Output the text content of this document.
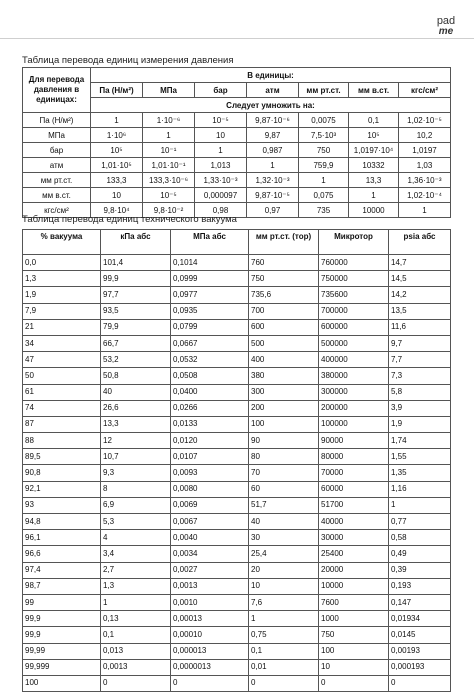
pad
me
Таблица перевода единиц измерения давления
Для перевода давления в единицах:	В единицы:						
	Па (Н/м²)	МПа	бар	атм	мм рт.ст.	мм в.ст.	кгс/см²
	Следует умножить на:						
Па (Н/м²)	1	1·10⁻⁶	10⁻⁵	9,87·10⁻⁶	0,0075	0,1	1,02·10⁻⁵
МПа	1·10⁶	1	10	9,87	7,5·10³	10⁵	10,2
бар	10⁵	10⁻¹	1	0,987	750	1,0197·10⁴	1,0197
атм	1,01·10⁵	1,01·10⁻¹	1,013	1	759,9	10332	1,03
мм рт.ст.	133,3	133,3·10⁻⁶	1,33·10⁻³	1,32·10⁻³	1	13,3	1,36·10⁻³
мм в.ст.	10	10⁻⁵	0,000097	9,87·10⁻⁵	0,075	1	1,02·10⁻⁴
кгс/см²	9,8·10⁴	9,8·10⁻²	0,98	0,97	735	10000	1
Таблица перевода единиц технического вакуума
% вакуума	кПа абс	МПа абс	мм рт.ст. (тор)	Микротор	psia абс
0,0	101,4	0,1014	760	760000	14,7
1,3	99,9	0,0999	750	750000	14,5
1,9	97,7	0,0977	735,6	735600	14,2
7,9	93,5	0,0935	700	700000	13,5
21	79,9	0,0799	600	600000	11,6
34	66,7	0,0667	500	500000	9,7
47	53,2	0,0532	400	400000	7,7
50	50,8	0,0508	380	380000	7,3
61	40	0,0400	300	300000	5,8
74	26,6	0,0266	200	200000	3,9
87	13,3	0,0133	100	100000	1,9
88	12	0,0120	90	90000	1,74
89,5	10,7	0,0107	80	80000	1,55
90,8	9,3	0,0093	70	70000	1,35
92,1	8	0,0080	60	60000	1,16
93	6,9	0,0069	51,7	51700	1
94,8	5,3	0,0067	40	40000	0,77
96,1	4	0,0040	30	30000	0,58
96,6	3,4	0,0034	25,4	25400	0,49
97,4	2,7	0,0027	20	20000	0,39
98,7	1,3	0,0013	10	10000	0,193
99	1	0,0010	7,6	7600	0,147
99,9	0,13	0,00013	1	1000	0,01934
99,9	0,1	0,00010	0,75	750	0,0145
99,99	0,013	0,000013	0,1	100	0,00193
99,999	0,0013	0,0000013	0,01	10	0,000193
100	0	0	0	0	0
